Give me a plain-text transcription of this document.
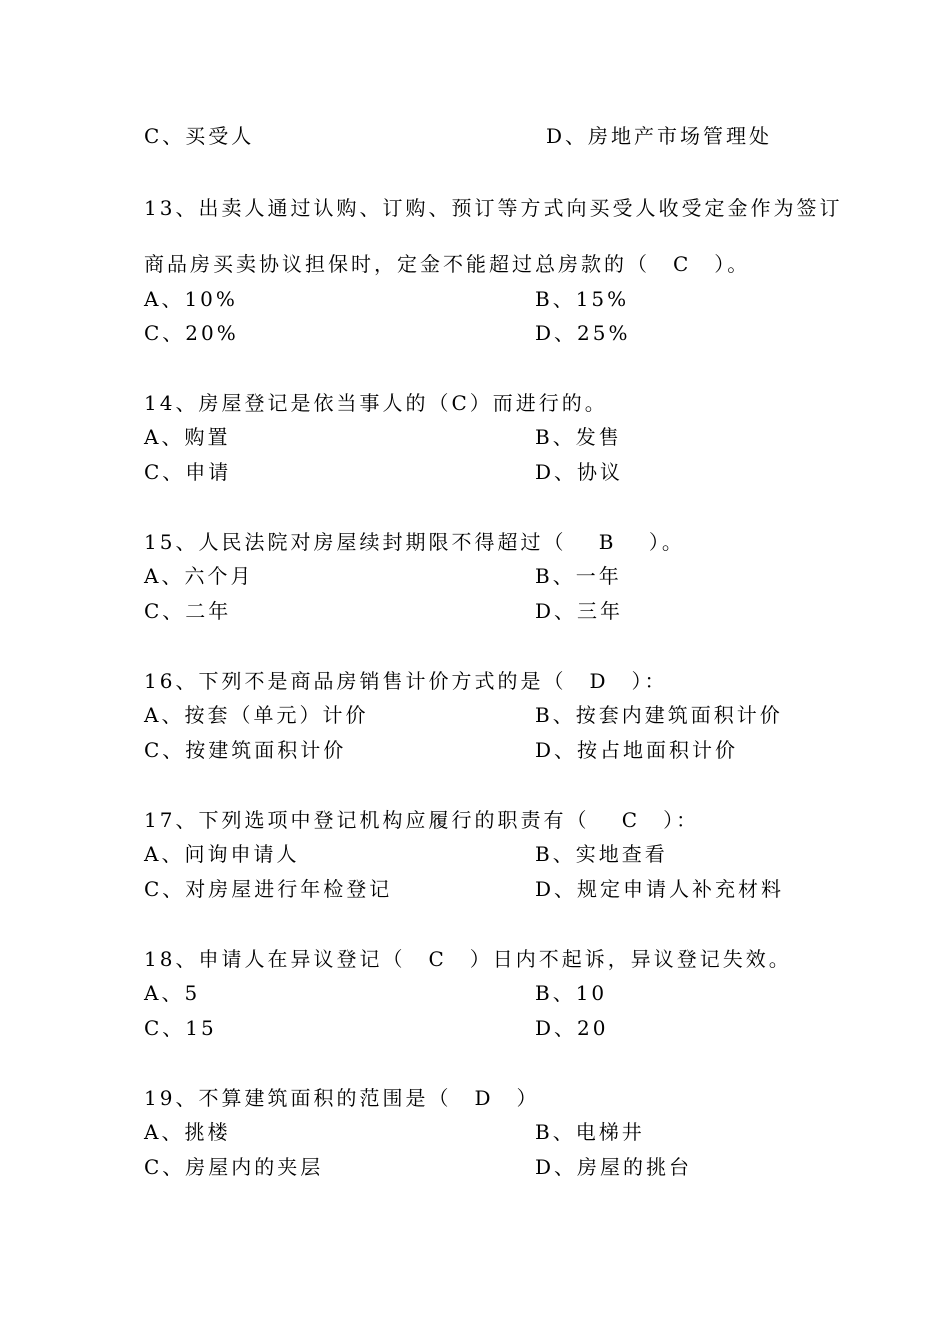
C、买受人	D、房地产市场管理处
13、出卖人通过认购、订购、预订等方式向买受人收受定金作为签订
商品房买卖协议担保时，定金不能超过总房款的（　C　）。
A、10%	B、15%
C、20%	D、25%
14、房屋登记是依当事人的（C）而进行的。
A、购置	B、发售
C、申请	D、协议
15、人民法院对房屋续封期限不得超过（　 B　 ）。
A、六个月	B、一年
C、二年	D、三年
16、下列不是商品房销售计价方式的是（　D　）：
A、按套（单元）计价	B、按套内建筑面积计价
C、按建筑面积计价	D、按占地面积计价
17、下列选项中登记机构应履行的职责有（　 C　）：
A、问询申请人	B、实地查看
C、对房屋进行年检登记	D、规定申请人补充材料
18、申请人在异议登记（　C　）日内不起诉，异议登记失效。
A、5	B、10
C、15	D、20
19、不算建筑面积的范围是（　D　）
A、挑楼	B、电梯井
C、房屋内的夹层	D、房屋的挑台
